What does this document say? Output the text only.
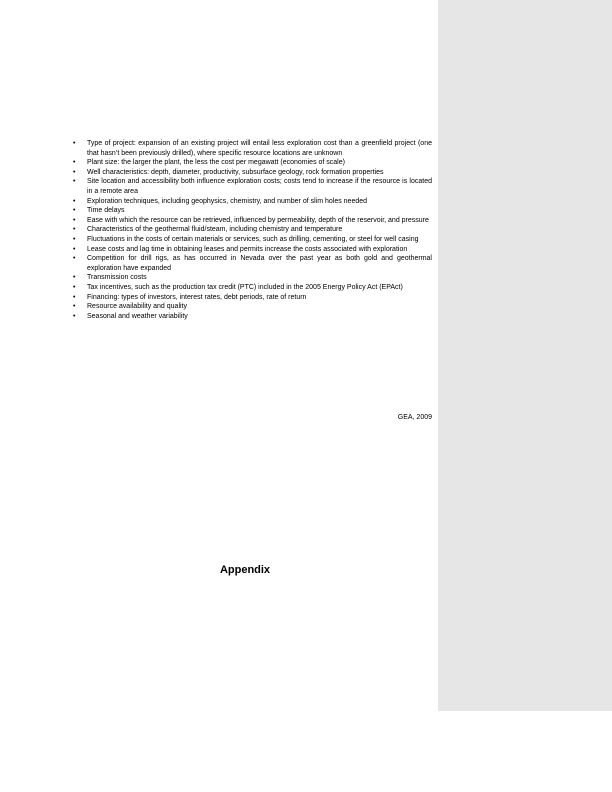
• Type of project: expansion of an existing project will entail less exploration cost than a greenfield project (one that hasn’t been previously drilled), where specific resource locations are unknown
• Plant size: the larger the plant, the less the cost per megawatt (economies of scale)
• Well characteristics: depth, diameter, productivity, subsurface geology, rock formation properties
• Site location and accessibility both influence exploration costs; costs tend to increase if the resource is located in a remote area
• Exploration techniques, including geophysics, chemistry, and number of slim holes needed
• Time delays
• Ease with which the resource can be retrieved, influenced by permeability, depth of the reservoir, and pressure
• Characteristics of the geothermal fluid/steam, including chemistry and temperature
• Fluctuations in the costs of certain materials or services, such as drilling, cementing, or steel for well casing
• Lease costs and lag time in obtaining leases and permits increase the costs associated with exploration
• Competition for drill rigs, as has occurred in Nevada over the past year as both gold and geothermal exploration have expanded
• Transmission costs
• Tax incentives, such as the production tax credit (PTC) included in the 2005 Energy Policy Act (EPAct)
• Financing: types of investors, interest rates, debt periods, rate of return
• Resource availability and quality
• Seasonal and weather variability
GEA, 2009
Appendix
